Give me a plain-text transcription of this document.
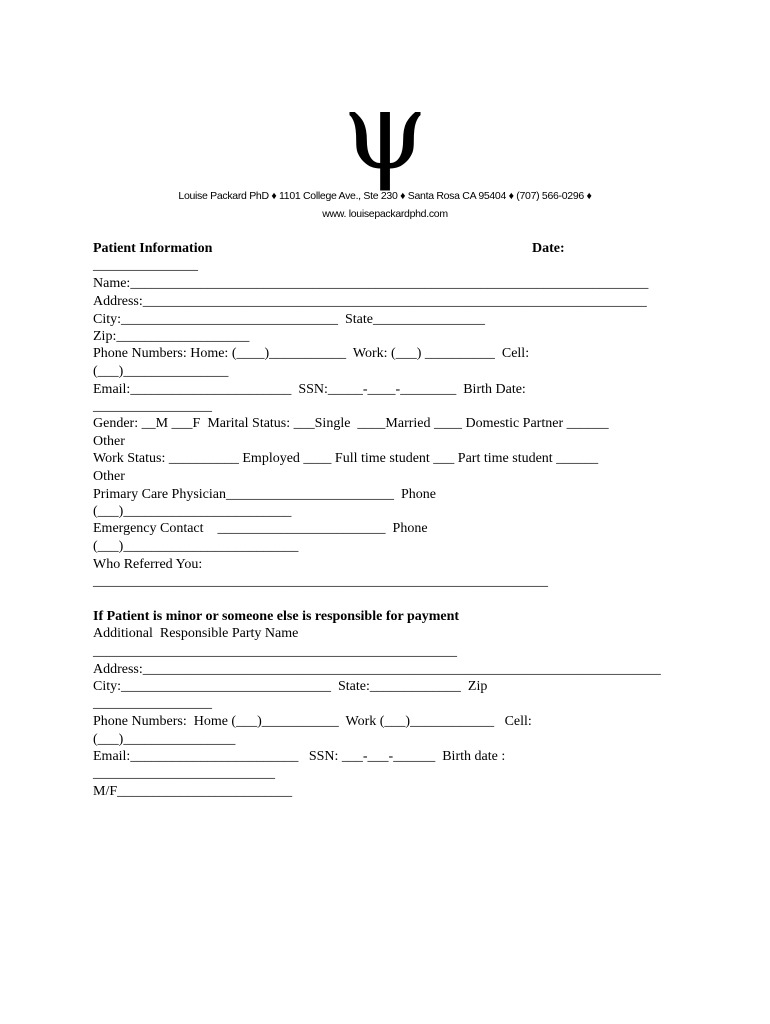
ψ
Louise Packard PhD ♦ 1101 College Ave., Ste 230 ♦ Santa Rosa CA 95404 ♦ (707) 566-0296 ♦
www. louisepackardphd.com
Patient Information	Date:
_______________
Name:__________________________________________________________________________
Address:________________________________________________________________________
City:_______________________________  State________________
Zip:___________________
Phone Numbers: Home: (____)___________  Work: (___) __________  Cell:
(___)_______________
Email:_______________________  SSN:_____-____-________  Birth Date:
_________________
Gender: __M ___F  Marital Status: ___Single  ____Married ____ Domestic Partner ______
Other
Work Status: __________ Employed ____ Full time student ___ Part time student ______
Other
Primary Care Physician________________________  Phone
(___)________________________
Emergency Contact    ________________________  Phone
(___)_________________________
Who Referred You:
_________________________________________________________________
If Patient is minor or someone else is responsible for payment
Additional  Responsible Party Name
____________________________________________________
Address:__________________________________________________________________________
City:______________________________  State:_____________  Zip
_________________
Phone Numbers:  Home (___)___________  Work (___)____________   Cell:
(___)________________
Email:________________________   SSN: ___-___-______  Birth date :
__________________________
M/F_________________________
